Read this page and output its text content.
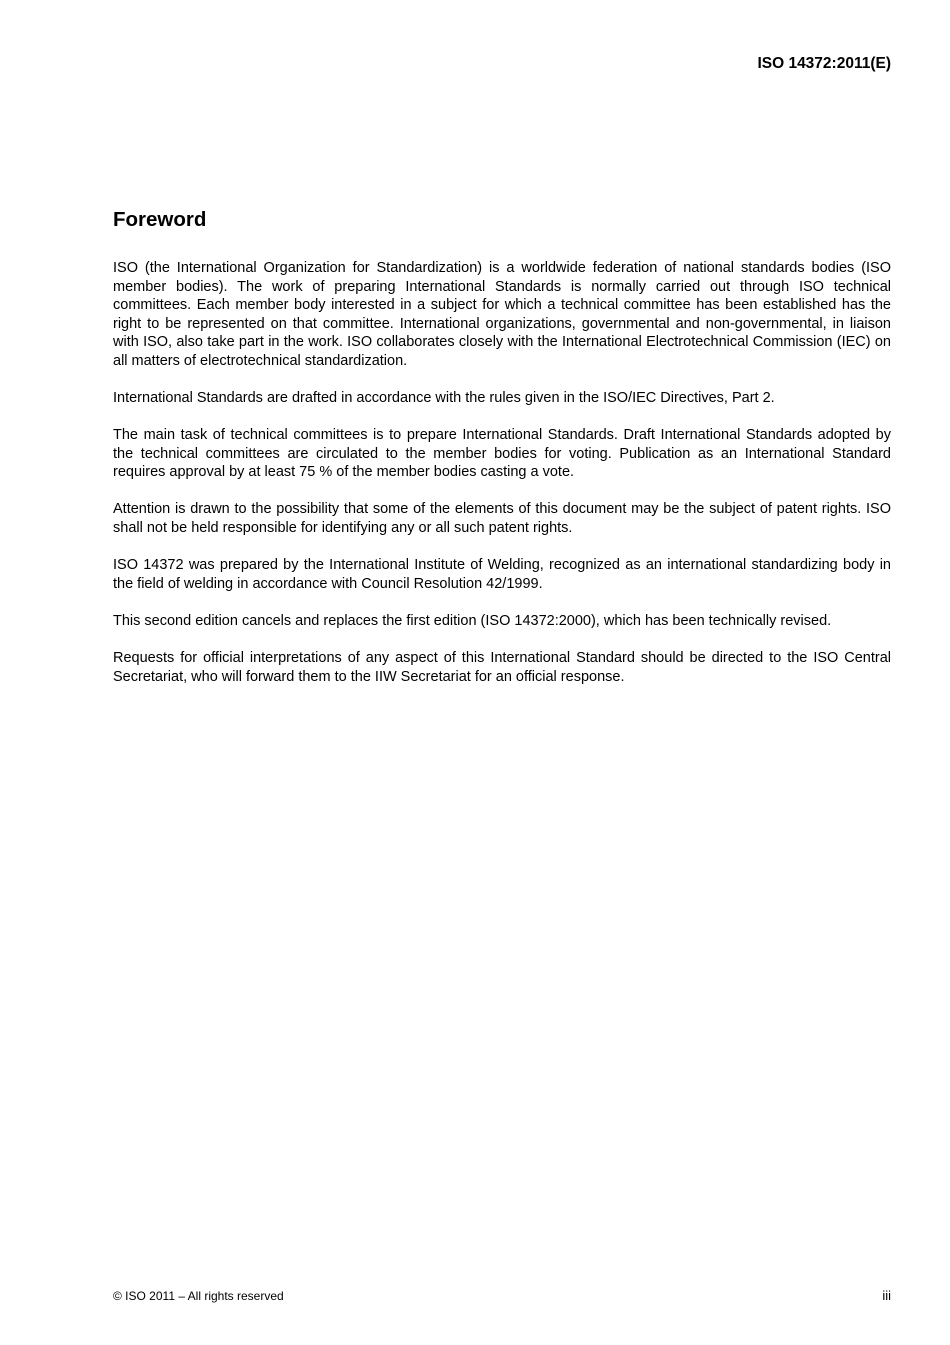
ISO 14372:2011(E)

Foreword

ISO (the International Organization for Standardization) is a worldwide federation of national standards bodies (ISO member bodies). The work of preparing International Standards is normally carried out through ISO technical committees. Each member body interested in a subject for which a technical committee has been established has the right to be represented on that committee. International organizations, governmental and non-governmental, in liaison with ISO, also take part in the work. ISO collaborates closely with the International Electrotechnical Commission (IEC) on all matters of electrotechnical standardization.

International Standards are drafted in accordance with the rules given in the ISO/IEC Directives, Part 2.

The main task of technical committees is to prepare International Standards. Draft International Standards adopted by the technical committees are circulated to the member bodies for voting. Publication as an International Standard requires approval by at least 75 % of the member bodies casting a vote.

Attention is drawn to the possibility that some of the elements of this document may be the subject of patent rights. ISO shall not be held responsible for identifying any or all such patent rights.

ISO 14372 was prepared by the International Institute of Welding, recognized as an international standardizing body in the field of welding in accordance with Council Resolution 42/1999.

This second edition cancels and replaces the first edition (ISO 14372:2000), which has been technically revised.

Requests for official interpretations of any aspect of this International Standard should be directed to the ISO Central Secretariat, who will forward them to the IIW Secretariat for an official response.

© ISO 2011 – All rights reserved	iii
